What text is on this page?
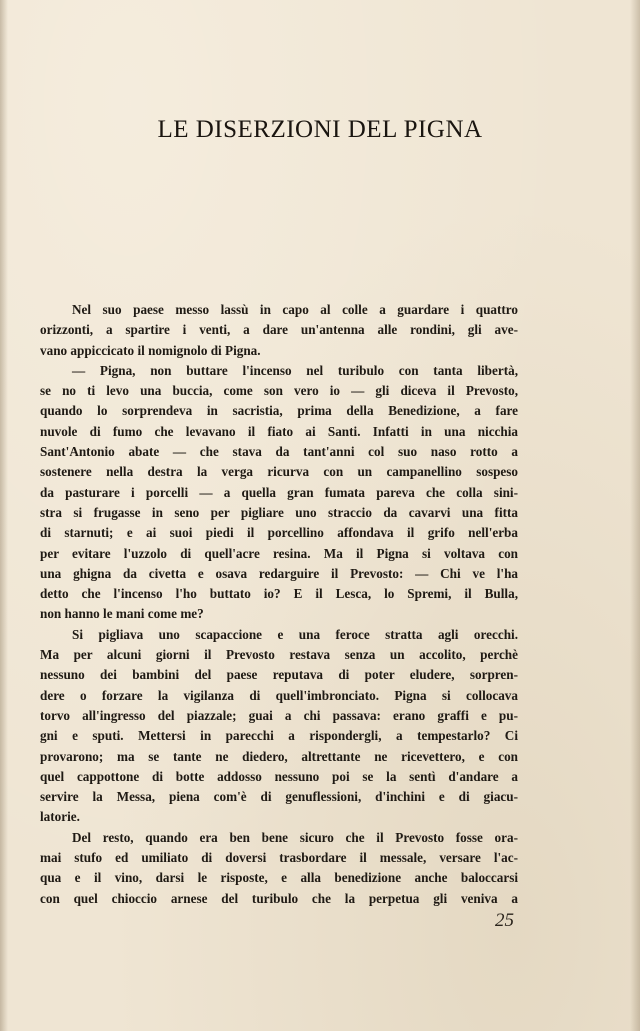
LE DISERZIONI DEL PIGNA
Nel suo paese messo lassù in capo al colle a guardare i quattro
orizzonti, a spartire i venti, a dare un'antenna alle rondini, gli ave-
vano appiccicato il nomignolo di Pigna.
— Pigna, non buttare l'incenso nel turibulo con tanta libertà,
se no ti levo una buccia, come son vero io — gli diceva il Prevosto,
quando lo sorprendeva in sacristia, prima della Benedizione, a fare
nuvole di fumo che levavano il fiato ai Santi. Infatti in una nicchia
Sant'Antonio abate — che stava da tant'anni col suo naso rotto a
sostenere nella destra la verga ricurva con un campanellino sospeso
da pasturare i porcelli — a quella gran fumata pareva che colla sini-
stra si frugasse in seno per pigliare uno straccio da cavarvi una fitta
di starnuti; e ai suoi piedi il porcellino affondava il grifo nell'erba
per evitare l'uzzolo di quell'acre resina. Ma il Pigna si voltava con
una ghigna da civetta e osava redarguire il Prevosto: — Chi ve l'ha
detto che l'incenso l'ho buttato io? E il Lesca, lo Spremi, il Bulla,
non hanno le mani come me?
Si pigliava uno scapaccione e una feroce stratta agli orecchi.
Ma per alcuni giorni il Prevosto restava senza un accolito, perchè
nessuno dei bambini del paese reputava di poter eludere, sorpren-
dere o forzare la vigilanza di quell'imbronciato. Pigna si collocava
torvo all'ingresso del piazzale; guai a chi passava: erano graffi e pu-
gni e sputi. Mettersi in parecchi a rispondergli, a tempestarlo? Ci
provarono; ma se tante ne diedero, altrettante ne ricevettero, e con
quel cappottone di botte addosso nessuno poi se la sentì d'andare a
servire la Messa, piena com'è di genuflessioni, d'inchini e di giacu-
latorie.
Del resto, quando era ben bene sicuro che il Prevosto fosse ora-
mai stufo ed umiliato di doversi trasbordare il messale, versare l'ac-
qua e il vino, darsi le risposte, e alla benedizione anche baloccarsi
con quel chioccio arnese del turibulo che la perpetua gli veniva a
25
